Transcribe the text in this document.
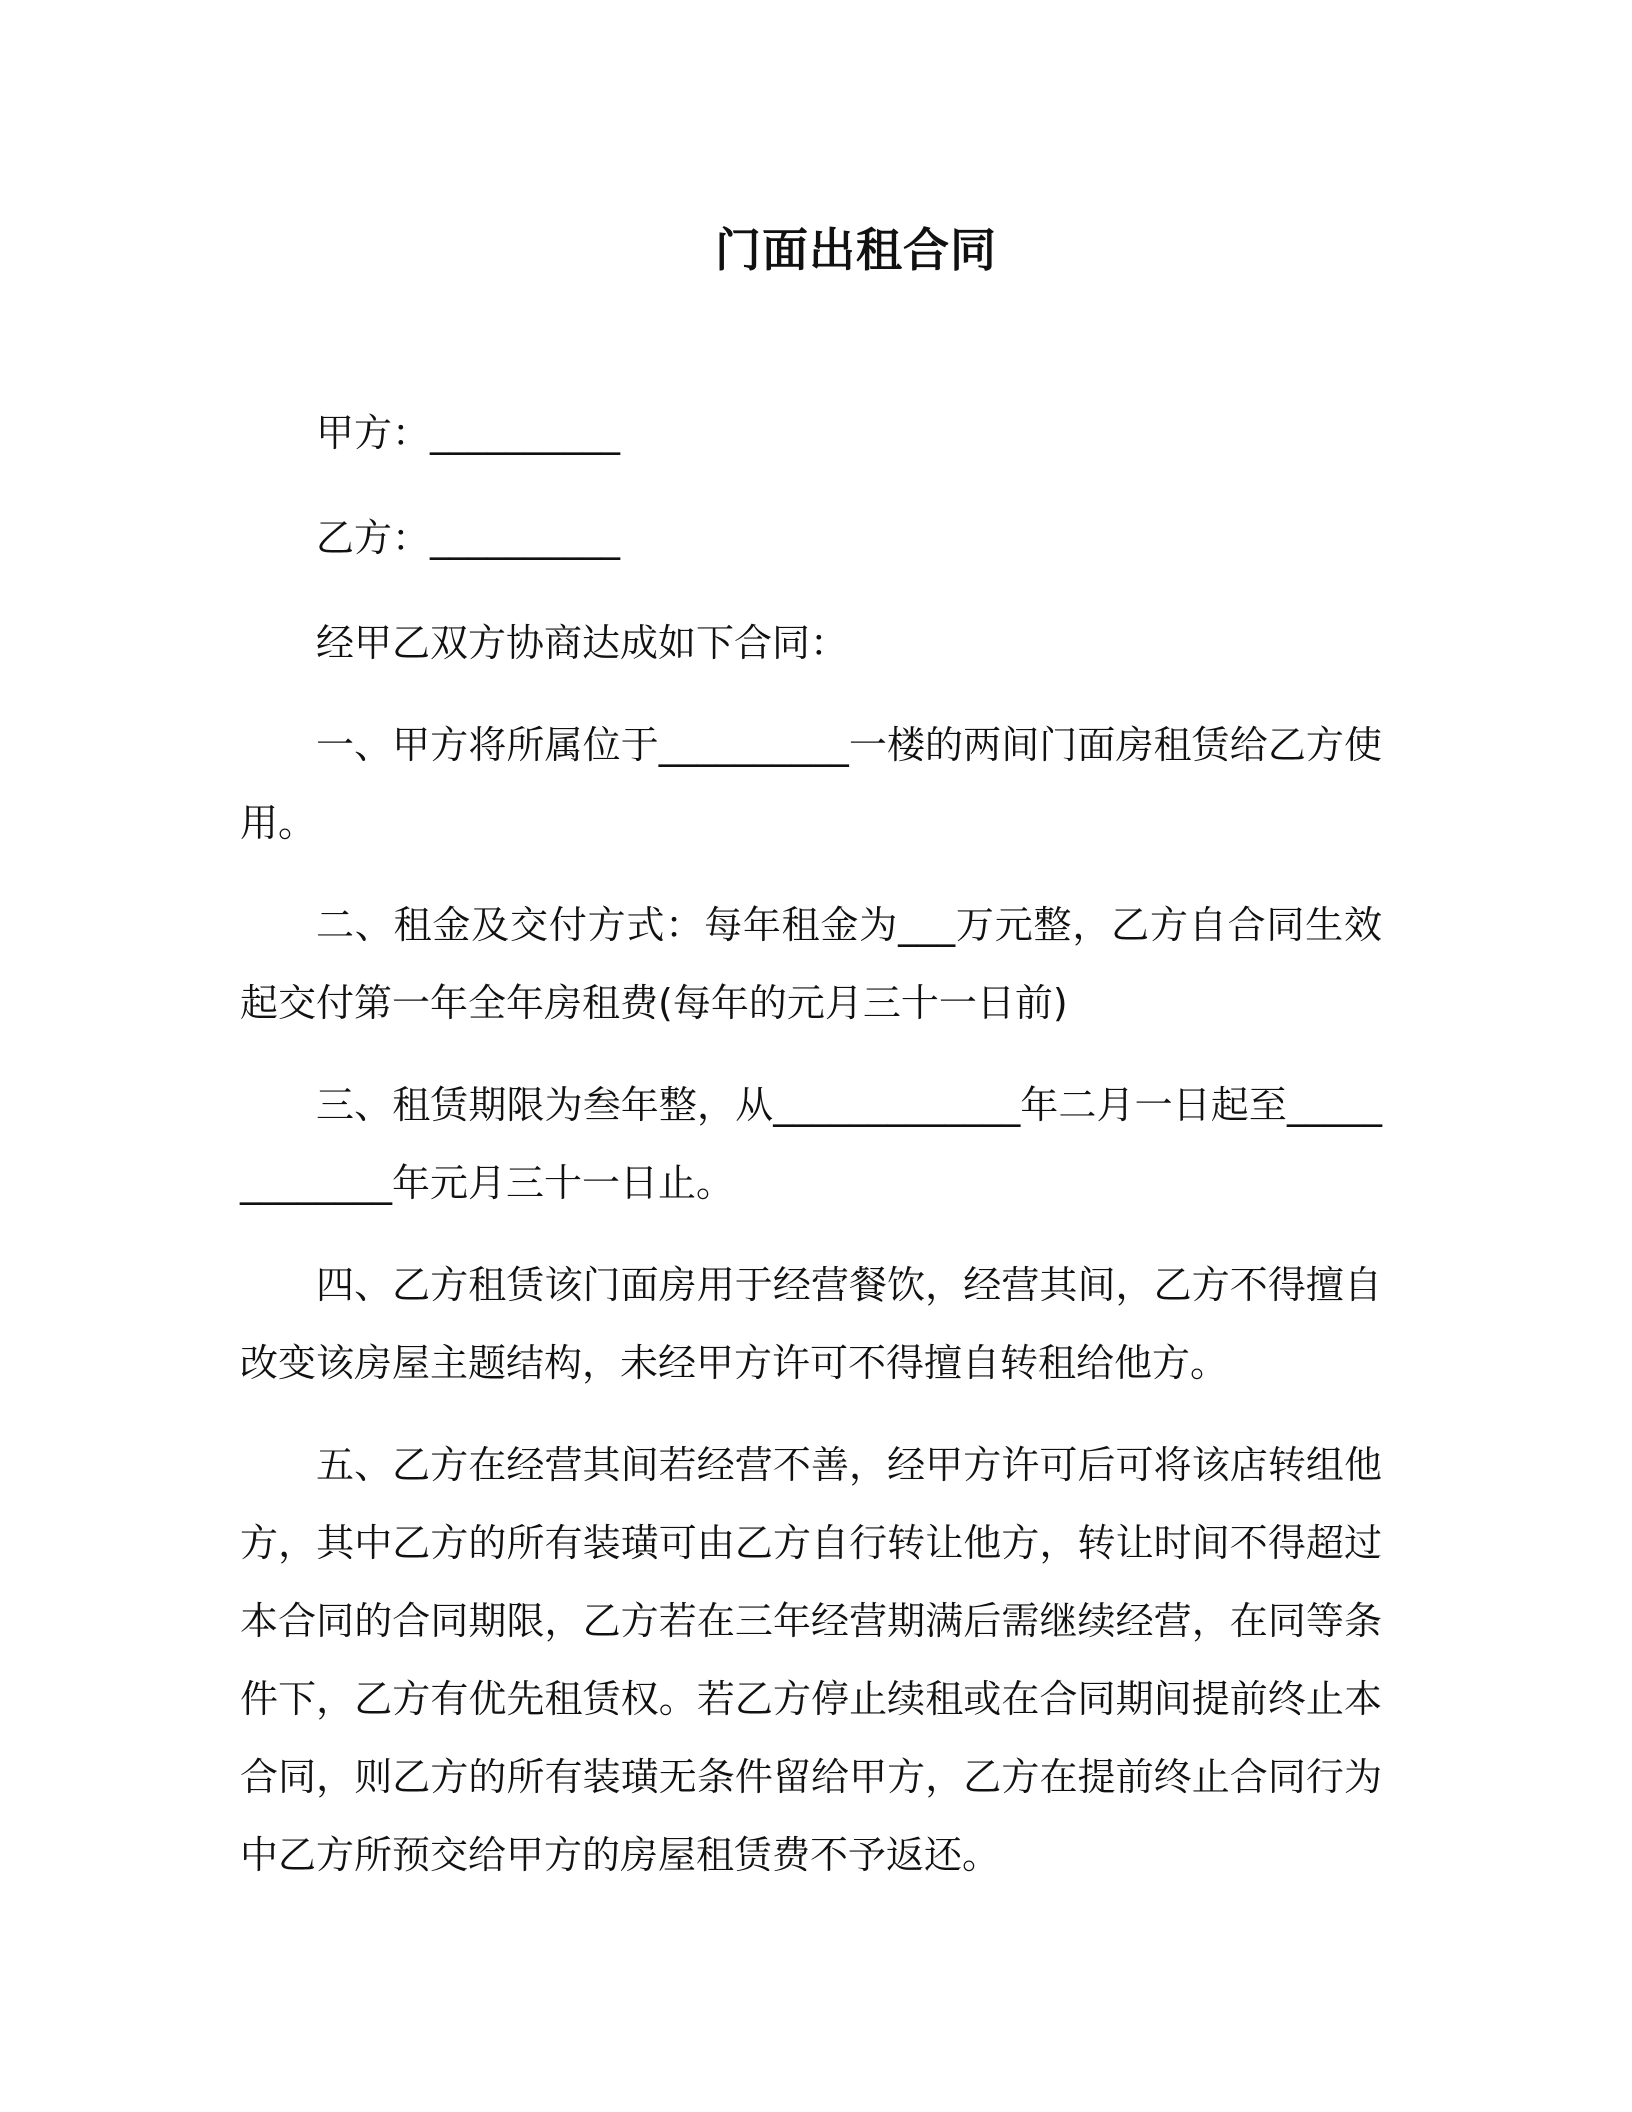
门面出租合同

甲方：__________

乙方：__________

经甲乙双方协商达成如下合同：

一、甲方将所属位于__________一楼的两间门面房租赁给乙方使用。

二、租金及交付方式：每年租金为___万元整，乙方自合同生效起交付第一年全年房租费(每年的元月三十一日前)

三、租赁期限为叁年整，从_____________年二月一日起至_____________年元月三十一日止。

四、乙方租赁该门面房用于经营餐饮，经营其间，乙方不得擅自改变该房屋主题结构，未经甲方许可不得擅自转租给他方。

五、乙方在经营其间若经营不善，经甲方许可后可将该店转组他方，其中乙方的所有装璜可由乙方自行转让他方，转让时间不得超过本合同的合同期限，乙方若在三年经营期满后需继续经营，在同等条件下，乙方有优先租赁权。若乙方停止续租或在合同期间提前终止本合同，则乙方的所有装璜无条件留给甲方，乙方在提前终止合同行为中乙方所预交给甲方的房屋租赁费不予返还。
